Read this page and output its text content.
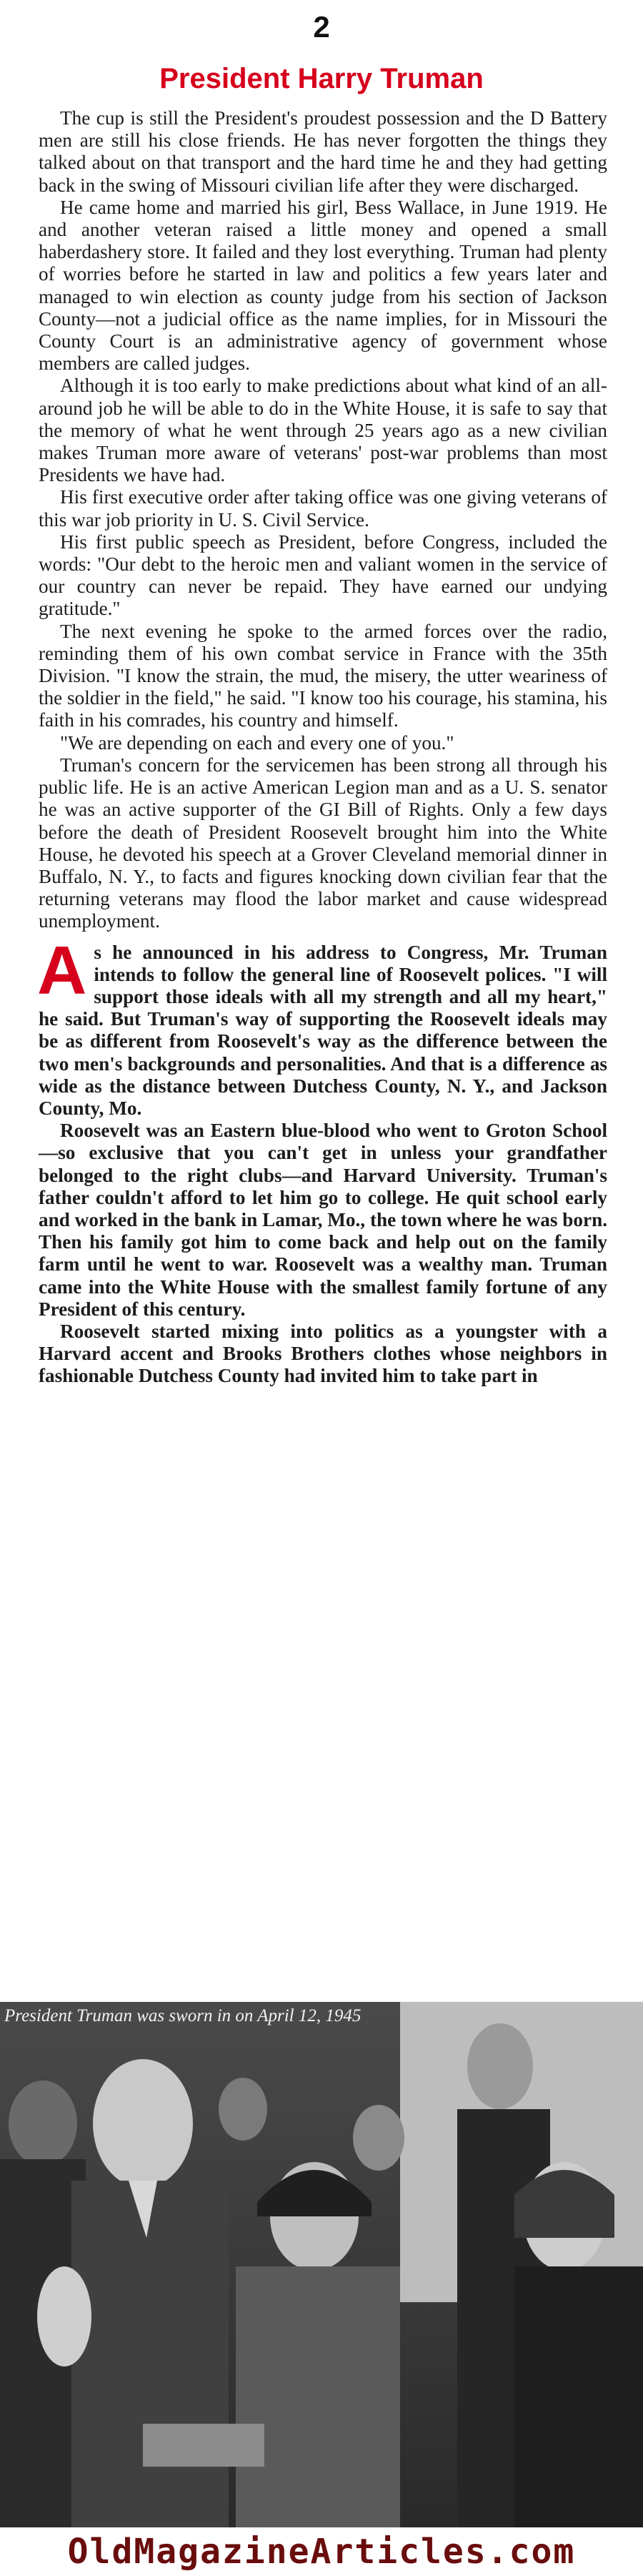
2
President Harry Truman

The cup is still the President's proudest possession and the D Battery men are still his close friends. He has never forgotten the things they talked about on that transport and the hard time he and they had getting back in the swing of Missouri civilian life after they were discharged.

He came home and married his girl, Bess Wallace, in June 1919. He and another veteran raised a little money and opened a small haberdashery store. It failed and they lost everything. Truman had plenty of worries before he started in law and politics a few years later and managed to win election as county judge from his section of Jackson County—not a judicial office as the name implies, for in Missouri the County Court is an administrative agency of government whose members are called judges.

Although it is too early to make predictions about what kind of an all-around job he will be able to do in the White House, it is safe to say that the memory of what he went through 25 years ago as a new civilian makes Truman more aware of veterans' post-war problems than most Presidents we have had.

His first executive order after taking office was one giving veterans of this war job priority in U. S. Civil Service.

His first public speech as President, before Congress, included the words: "Our debt to the heroic men and valiant women in the service of our country can never be repaid. They have earned our undying gratitude."

The next evening he spoke to the armed forces over the radio, reminding them of his own combat service in France with the 35th Division. "I know the strain, the mud, the misery, the utter weariness of the soldier in the field," he said. "I know too his courage, his stamina, his faith in his comrades, his country and himself.

"We are depending on each and every one of you."

Truman's concern for the servicemen has been strong all through his public life. He is an active American Legion man and as a U. S. senator he was an active supporter of the GI Bill of Rights. Only a few days before the death of President Roosevelt brought him into the White House, he devoted his speech at a Grover Cleveland memorial dinner in Buffalo, N. Y., to facts and figures knocking down civilian fear that the returning veterans may flood the labor market and cause widespread unemployment.

A s he announced in his address to Congress, Mr. Truman intends to follow the general line of Roosevelt polices. "I will support those ideals with all my strength and all my heart," he said. But Truman's way of supporting the Roosevelt ideals may be as different from Roosevelt's way as the difference between the two men's backgrounds and personalities. And that is a difference as wide as the distance between Dutchess County, N. Y., and Jackson County, Mo.

Roosevelt was an Eastern blue-blood who went to Groton School—so exclusive that you can't get in unless your grandfather belonged to the right clubs—and Harvard University. Truman's father couldn't afford to let him go to college. He quit school early and worked in the bank in Lamar, Mo., the town where he was born. Then his family got him to come back and help out on the family farm until he went to war. Roosevelt was a wealthy man. Truman came into the White House with the smallest family fortune of any President of this century.

Roosevelt started mixing into politics as a youngster with a Harvard accent and Brooks Brothers clothes whose neighbors in fashionable Dutchess County had invited him to take part in

President Truman was sworn in on April 12, 1945
OldMagazineArticles.com
